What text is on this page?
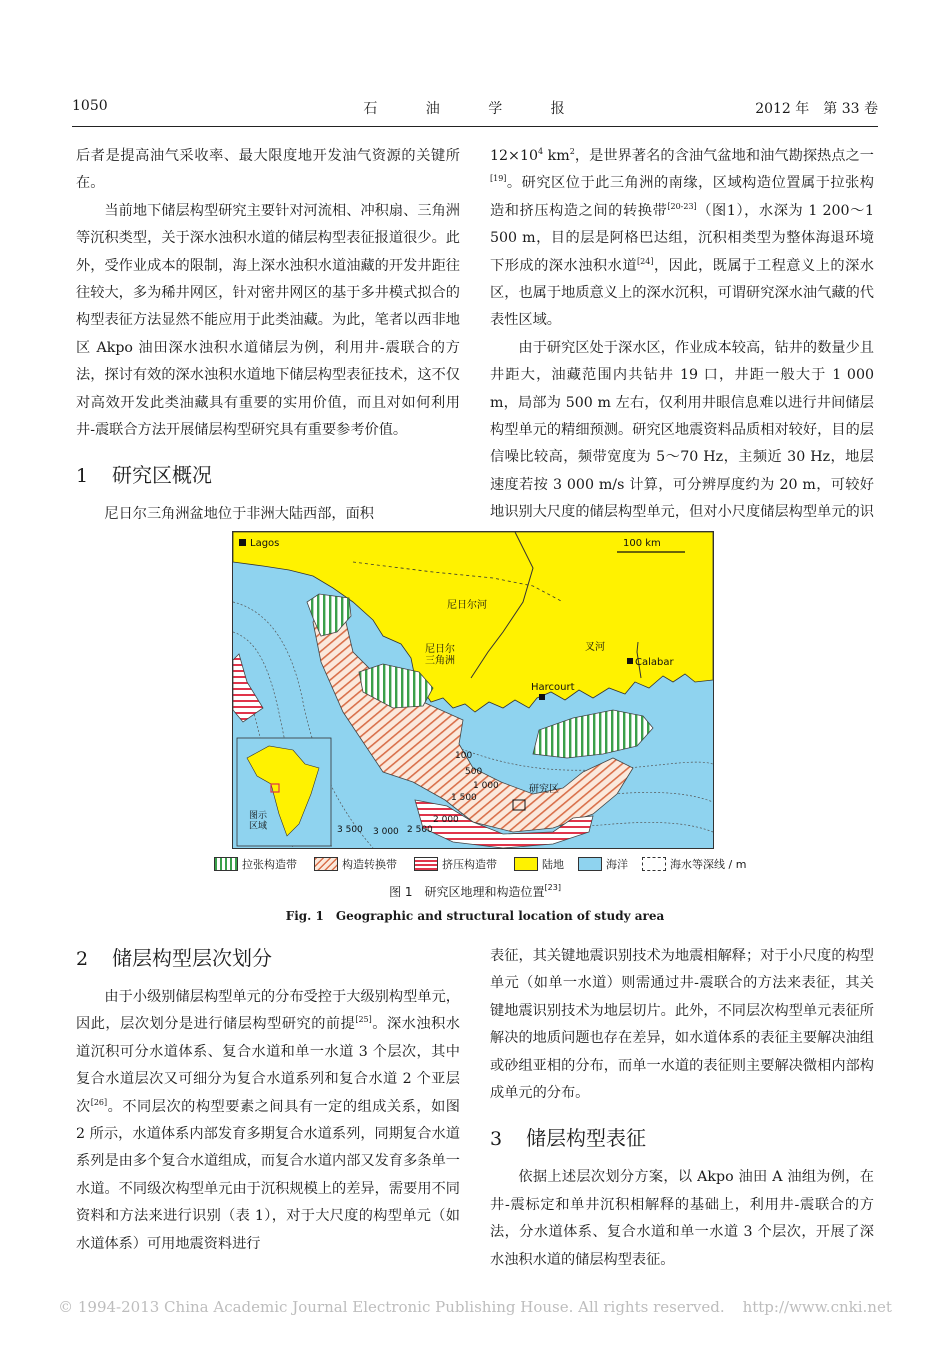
1050	石 油 学 报	2012 年　第 33 卷

后者是提高油气采收率、最大限度地开发油气资源的关键所在。

当前地下储层构型研究主要针对河流相、冲积扇、三角洲等沉积类型，关于深水浊积水道的储层构型表征报道很少。此外，受作业成本的限制，海上深水浊积水道油藏的开发井距往往较大，多为稀井网区，针对密井网区的基于多井模式拟合的构型表征方法显然不能应用于此类油藏。为此，笔者以西非地区 Akpo 油田深水浊积水道储层为例，利用井-震联合的方法，探讨有效的深水浊积水道地下储层构型表征技术，这不仅对高效开发此类油藏具有重要的实用价值，而且对如何利用井-震联合方法开展储层构型研究具有重要参考价值。

1 研究区概况

尼日尔三角洲盆地位于非洲大陆西部，面积

$12\times 10^4$ $km^2$，是世界著名的含油气盆地和油气勘探热点之一[19]。研究区位于此三角洲的南缘，区域构造位置属于拉张构造和挤压构造之间的转换带[20-23]（图1），水深为 1 200～1 500 m，目的层是阿格巴达组，沉积相类型为整体海退环境下形成的深水浊积水道[24]，因此，既属于工程意义上的深水区，也属于地质意义上的深水沉积，可谓研究深水油气藏的代表性区域。

由于研究区处于深水区，作业成本较高，钻井的数量少且井距大，油藏范围内共钻井 19 口，井距一般大于 1 000 m，局部为 500 m 左右，仅利用井眼信息难以进行井间储层构型单元的精细预测。研究区地震资料品质相对较好，目的层信噪比较高，频带宽度为 5～70 Hz，主频近 30 Hz，地层速度若按 3 000 m/s 计算，可分辨厚度约为 20 m，可较好地识别大尺度的储层构型单元，但对小尺度储层构型单元的识

Lagos	100 km
尼日尔河
尼日尔三角洲
叉河
Calabar
Harcourt
研究区
图示区域
100
500
1 000
1 500
2 000
2 500
3 000
3 500
拉张构造带	构造转换带	挤压构造带	陆地	海洋	海水等深线 / m
图 1　研究区地理和构造位置[23]
Fig. 1　Geographic and structural location of study area

2 储层构型层次划分

由于小级别储层构型单元的分布受控于大级别构型单元，因此，层次划分是进行储层构型研究的前提[25]。深水浊积水道沉积可分水道体系、复合水道和单一水道 3 个层次，其中复合水道层次又可细分为复合水道系列和复合水道 2 个亚层次[26]。不同层次的构型要素之间具有一定的组成关系，如图 2 所示，水道体系内部发育多期复合水道系列，同期复合水道系列是由多个复合水道组成，而复合水道内部又发育多条单一水道。不同级次构型单元由于沉积规模上的差异，需要用不同资料和方法来进行识别（表 1），对于大尺度的构型单元（如水道体系）可用地震资料进行

表征，其关键地震识别技术为地震相解释；对于小尺度的构型单元（如单一水道）则需通过井-震联合的方法来表征，其关键地震识别技术为地层切片。此外，不同层次构型单元表征所解决的地质问题也存在差异，如水道体系的表征主要解决油组或砂组亚相的分布，而单一水道的表征则主要解决微相内部构成单元的分布。

3 储层构型表征

依据上述层次划分方案，以 Akpo 油田 A 油组为例，在井-震标定和单井沉积相解释的基础上，利用井-震联合的方法，分水道体系、复合水道和单一水道 3 个层次，开展了深水浊积水道的储层构型表征。

© 1994-2013 China Academic Journal Electronic Publishing House. All rights reserved. http://www.cnki.net
